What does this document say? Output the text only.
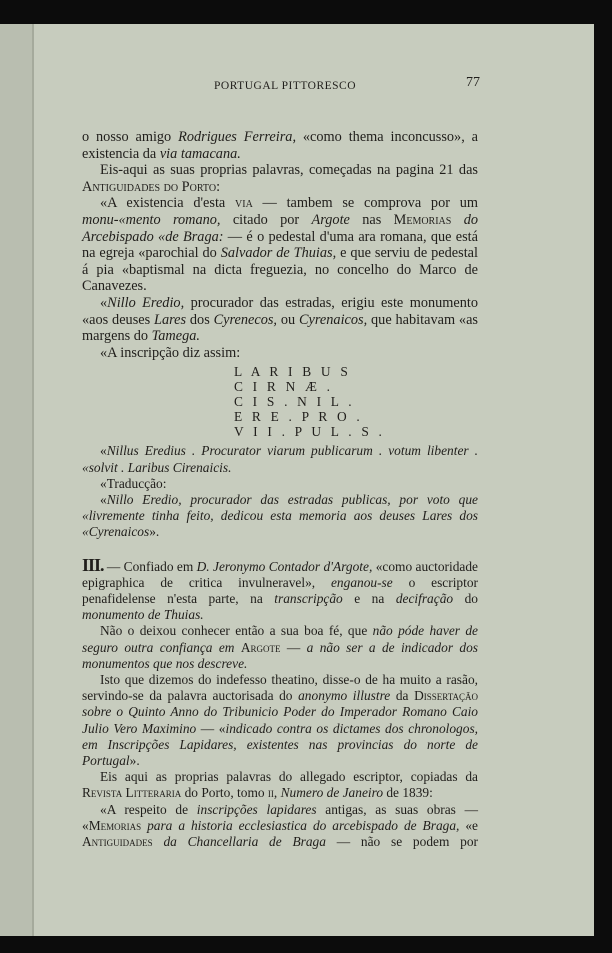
PORTUGAL PITTORESCO	77

o nosso amigo Rodrigues Ferreira, «como thema inconcusso», a existencia da via tamacana.

Eis-aqui as suas proprias palavras, começadas na pagina 21 das Antiguidades do Porto:

«A existencia d'esta via — tambem se comprova por um monu-«mento romano, citado por Argote nas Memorias do Arcebispado «de Braga: — é o pedestal d'uma ara romana, que está na egreja «parochial do Salvador de Thuias, e que serviu de pedestal á pia «baptismal na dicta freguezia, no concelho do Marco de Canavezes.

«Nillo Eredio, procurador das estradas, erigiu este monumento «aos deuses Lares dos Cyrenecos, ou Cyrenaicos, que habitavam «as margens do Tamega.

«A inscripção diz assim:

L A R I B U S
C I R N Æ .
C I S . N I L .
E R E . P R O .
V I I . P U L . S .

«Nillus Eredius . Procurator viarum publicarum . votum libenter . «solvit . Laribus Cirenaicis.

«Traducção:

«Nillo Eredio, procurador das estradas publicas, por voto que «livremente tinha feito, dedicou esta memoria aos deuses Lares dos «Cyrenaicos».

III. — Confiado em D. Jeronymo Contador d'Argote, «como auctoridade epigraphica de critica invulneravel», enganou-se o escriptor penafidelense n'esta parte, na transcripção e na decifração do monumento de Thuias.

Não o deixou conhecer então a sua boa fé, que não póde haver de seguro outra confiança em Argote — a não ser a de indicador dos monumentos que nos descreve.

Isto que dizemos do indefesso theatino, disse-o de ha muito a rasão, servindo-se da palavra auctorisada do anonymo illustre da Dissertação sobre o Quinto Anno do Tribunicio Poder do Imperador Romano Caio Julio Vero Maximino — «indicado contra os dictames dos chronologos, em Inscripções Lapidares, existentes nas provincias do norte de Portugal».

Eis aqui as proprias palavras do allegado escriptor, copiadas da Revista Litteraria do Porto, tomo ii, Numero de Janeiro de 1839:

«A respeito de inscripções lapidares antigas, as suas obras — «Memorias para a historia ecclesiastica do arcebispado de Braga, «e Antiguidades da Chancellaria de Braga — não se podem por
